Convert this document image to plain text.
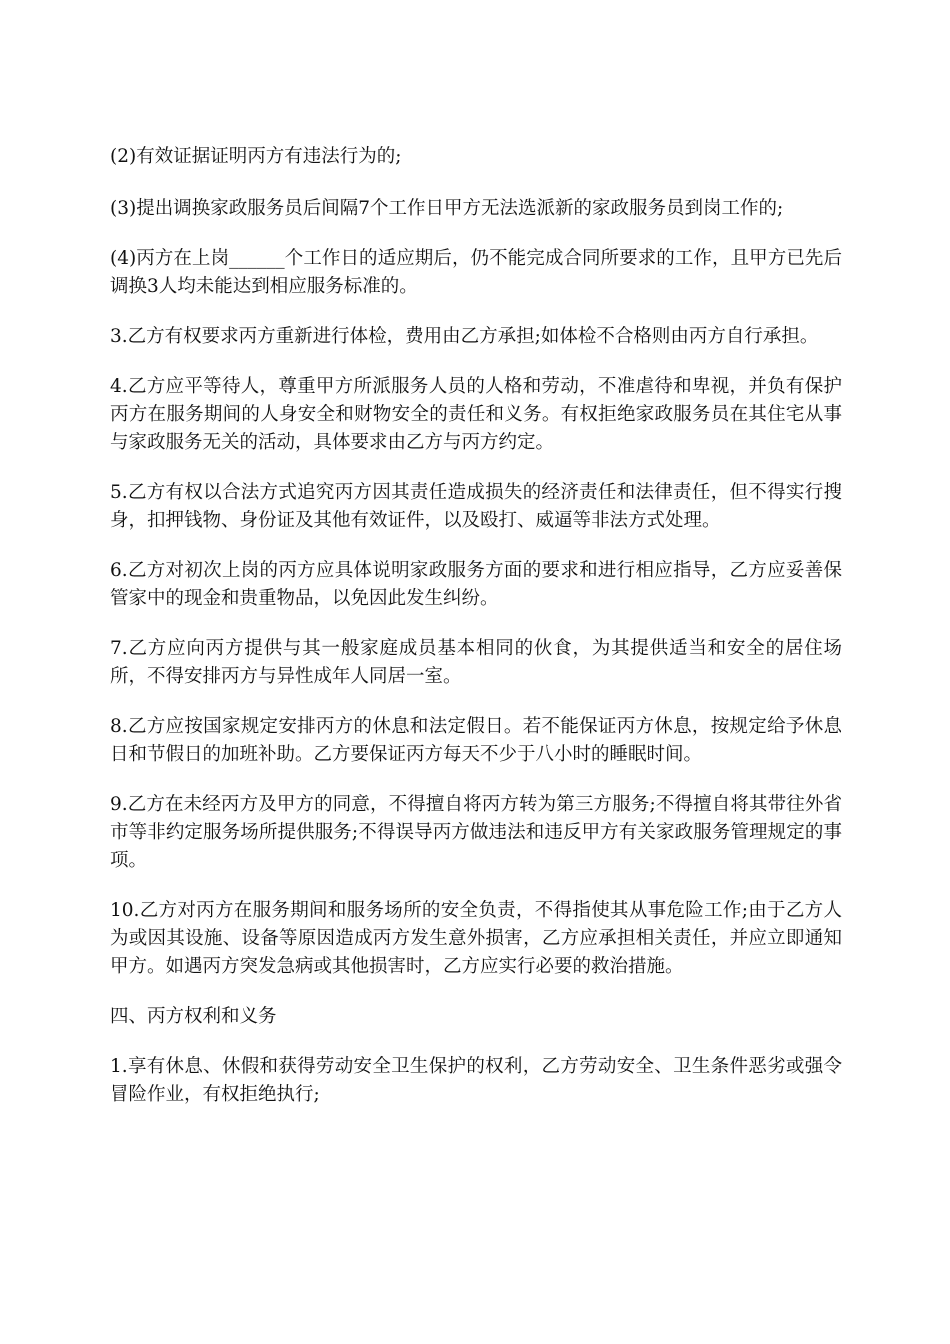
(2)有效证据证明丙方有违法行为的;

(3)提出调换家政服务员后间隔7个工作日甲方无法选派新的家政服务员到岗工作的;

(4)丙方在上岗______个工作日的适应期后，仍不能完成合同所要求的工作，且甲方已先后调换3人均未能达到相应服务标准的。

3.乙方有权要求丙方重新进行体检，费用由乙方承担;如体检不合格则由丙方自行承担。

4.乙方应平等待人，尊重甲方所派服务人员的人格和劳动，不准虐待和卑视，并负有保护丙方在服务期间的人身安全和财物安全的责任和义务。有权拒绝家政服务员在其住宅从事与家政服务无关的活动，具体要求由乙方与丙方约定。

5.乙方有权以合法方式追究丙方因其责任造成损失的经济责任和法律责任，但不得实行搜身，扣押钱物、身份证及其他有效证件，以及殴打、威逼等非法方式处理。

6.乙方对初次上岗的丙方应具体说明家政服务方面的要求和进行相应指导，乙方应妥善保管家中的现金和贵重物品，以免因此发生纠纷。

7.乙方应向丙方提供与其一般家庭成员基本相同的伙食，为其提供适当和安全的居住场所，不得安排丙方与异性成年人同居一室。

8.乙方应按国家规定安排丙方的休息和法定假日。若不能保证丙方休息，按规定给予休息日和节假日的加班补助。乙方要保证丙方每天不少于八小时的睡眠时间。

9.乙方在未经丙方及甲方的同意，不得擅自将丙方转为第三方服务;不得擅自将其带往外省市等非约定服务场所提供服务;不得误导丙方做违法和违反甲方有关家政服务管理规定的事项。

10.乙方对丙方在服务期间和服务场所的安全负责，不得指使其从事危险工作;由于乙方人为或因其设施、设备等原因造成丙方发生意外损害，乙方应承担相关责任，并应立即通知甲方。如遇丙方突发急病或其他损害时，乙方应实行必要的救治措施。

四、丙方权利和义务

1.享有休息、休假和获得劳动安全卫生保护的权利，乙方劳动安全、卫生条件恶劣或强令冒险作业，有权拒绝执行;
